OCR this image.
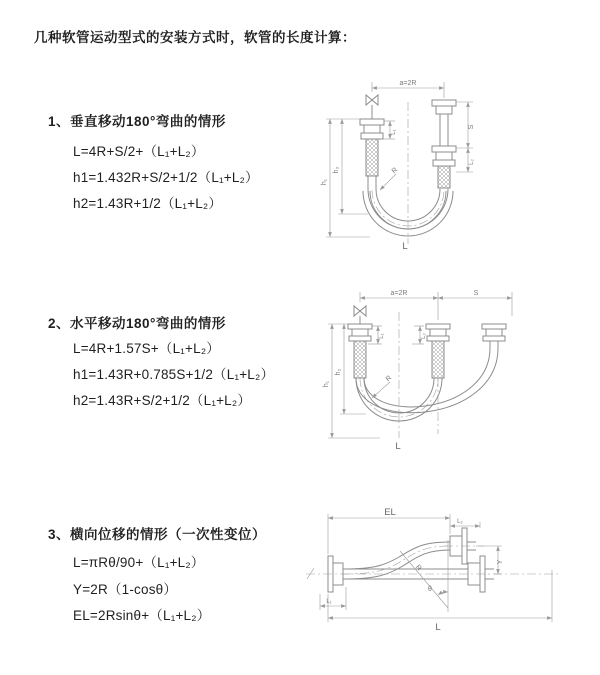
几种软管运动型式的安装方式时，软管的长度计算：
1、垂直移动180°弯曲的情形
L=4R+S/2+（L₁+L₂）
h1=1.432R+S/2+1/2（L₁+L₂）
h2=1.43R+1/2（L₁+L₂）
a=2R
h₁
h₂
L₁
S
L₂
R
L
2、水平移动180°弯曲的情形
L=4R+1.57S+（L₁+L₂）
h1=1.43R+0.785S+1/2（L₁+L₂）
h2=1.43R+S/2+1/2（L₁+L₂）
a=2R	S
h₁
h₂
L₁	L₂
R
L
3、横向位移的情形（一次性变位）
L=πRθ/90+（L₁+L₂）
Y=2R（1-cosθ）
EL=2Rsinθ+（L₁+L₂）
EL
L₂
Y
L
L₁
θ
R
